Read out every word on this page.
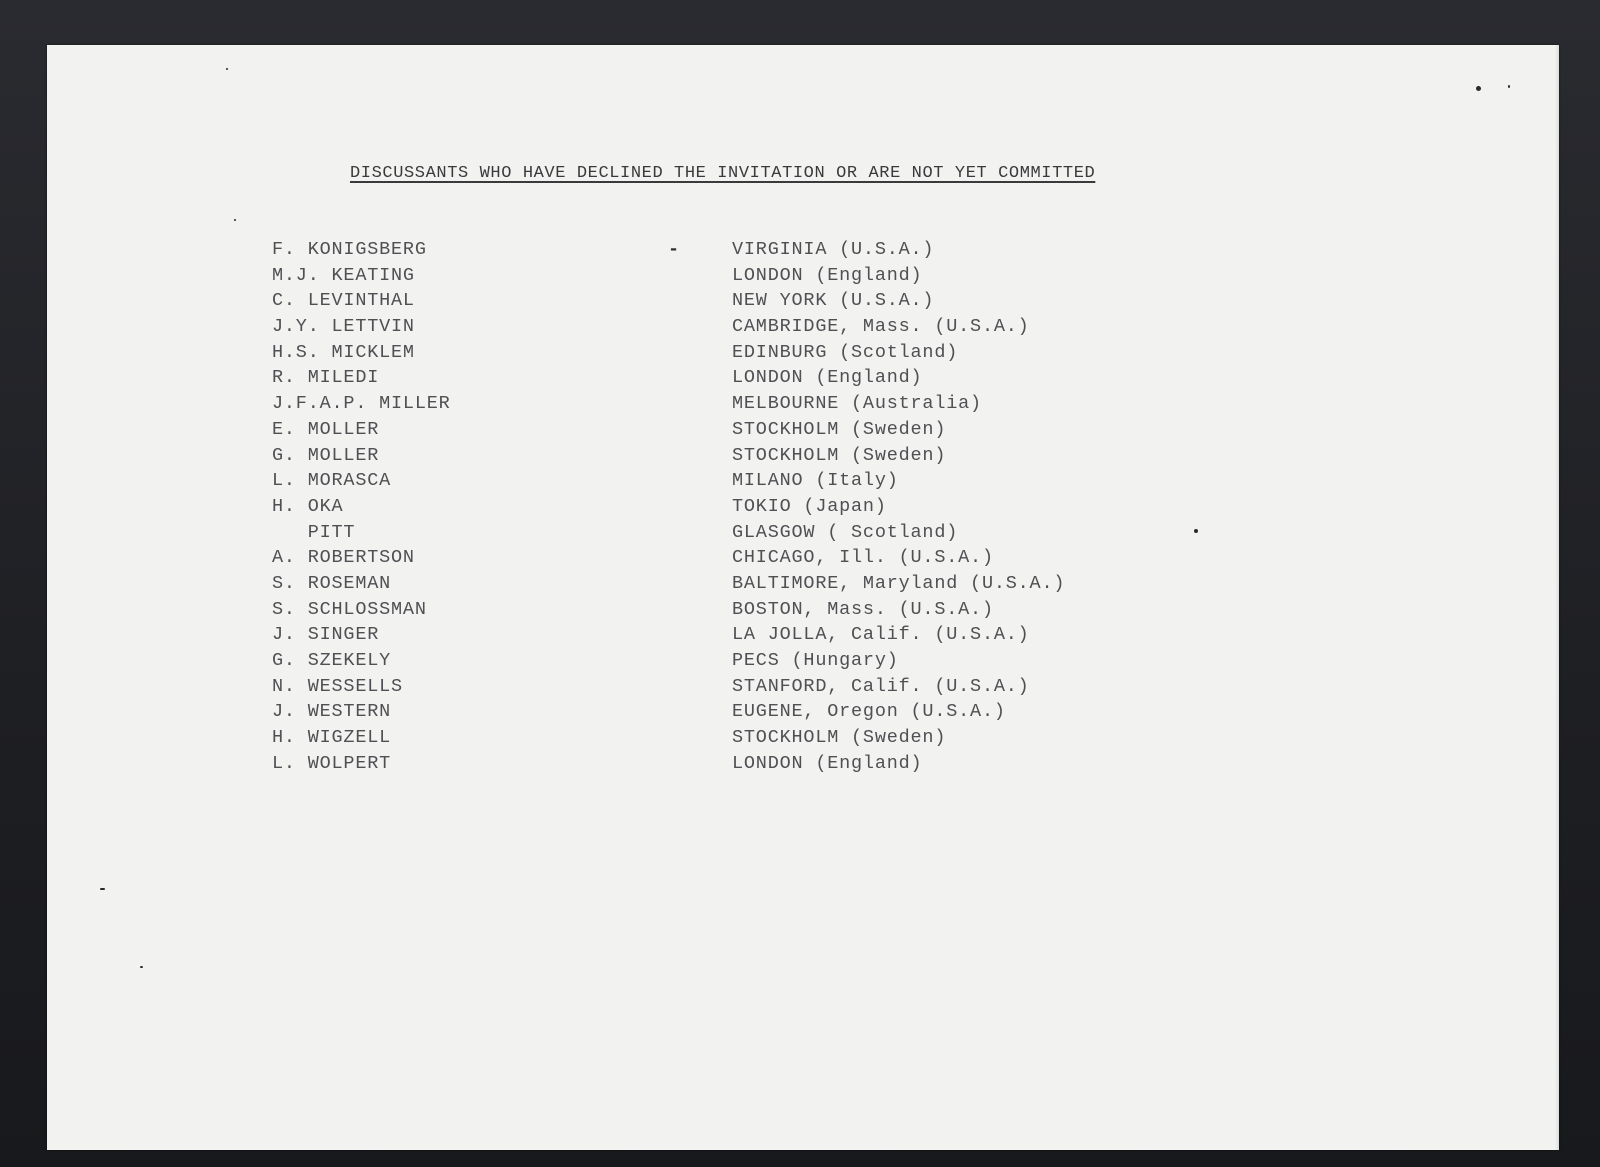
DISCUSSANTS WHO HAVE DECLINED THE INVITATION OR ARE NOT YET COMMITTED
F. KONIGSBERG	-	VIRGINIA (U.S.A.)
M.J. KEATING	LONDON (England)
C. LEVINTHAL	NEW YORK (U.S.A.)
J.Y. LETTVIN	CAMBRIDGE, Mass. (U.S.A.)
H.S. MICKLEM	EDINBURG (Scotland)
R. MILEDI	LONDON (England)
J.F.A.P. MILLER	MELBOURNE (Australia)
E. MOLLER	STOCKHOLM (Sweden)
G. MOLLER	STOCKHOLM (Sweden)
L. MORASCA	MILANO (Italy)
H. OKA	TOKIO (Japan)
PITT	GLASGOW ( Scotland)
A. ROBERTSON	CHICAGO, Ill. (U.S.A.)
S. ROSEMAN	BALTIMORE, Maryland (U.S.A.)
S. SCHLOSSMAN	BOSTON, Mass. (U.S.A.)
J. SINGER	LA JOLLA, Calif. (U.S.A.)
G. SZEKELY	PECS (Hungary)
N. WESSELLS	STANFORD, Calif. (U.S.A.)
J. WESTERN	EUGENE, Oregon (U.S.A.)
H. WIGZELL	STOCKHOLM (Sweden)
L. WOLPERT	LONDON (England)
